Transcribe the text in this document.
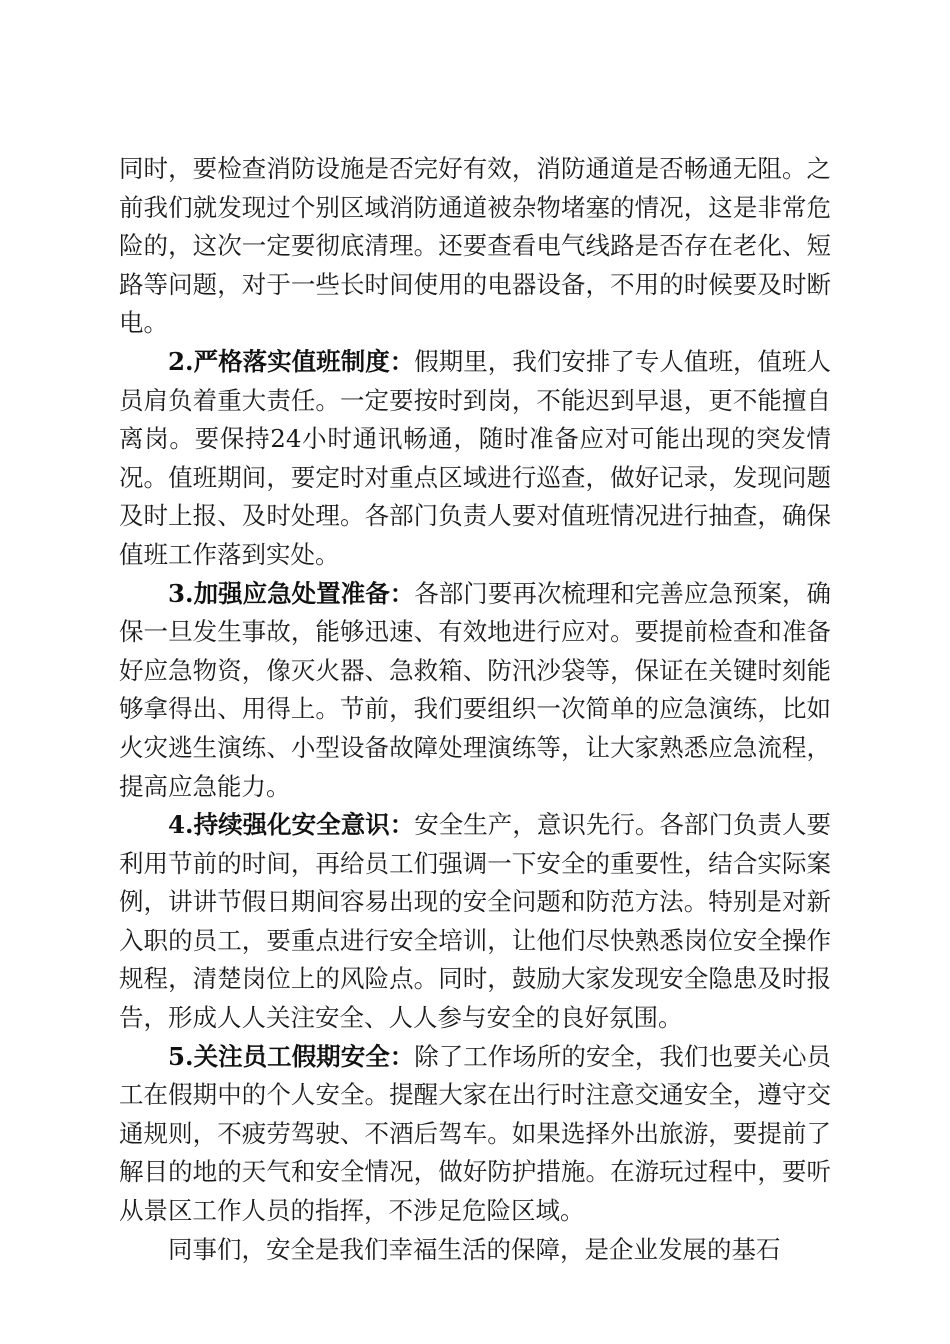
同时，要检查消防设施是否完好有效，消防通道是否畅通无阻。之前我们就发现过个别区域消防通道被杂物堵塞的情况，这是非常危险的，这次一定要彻底清理。还要查看电气线路是否存在老化、短路等问题，对于一些长时间使用的电器设备，不用的时候要及时断电。

2.严格落实值班制度：假期里，我们安排了专人值班，值班人员肩负着重大责任。一定要按时到岗，不能迟到早退，更不能擅自离岗。要保持24小时通讯畅通，随时准备应对可能出现的突发情况。值班期间，要定时对重点区域进行巡查，做好记录，发现问题及时上报、及时处理。各部门负责人要对值班情况进行抽查，确保值班工作落到实处。

3.加强应急处置准备：各部门要再次梳理和完善应急预案，确保一旦发生事故，能够迅速、有效地进行应对。要提前检查和准备好应急物资，像灭火器、急救箱、防汛沙袋等，保证在关键时刻能够拿得出、用得上。节前，我们要组织一次简单的应急演练，比如火灾逃生演练、小型设备故障处理演练等，让大家熟悉应急流程，提高应急能力。

4.持续强化安全意识：安全生产，意识先行。各部门负责人要利用节前的时间，再给员工们强调一下安全的重要性，结合实际案例，讲讲节假日期间容易出现的安全问题和防范方法。特别是对新入职的员工，要重点进行安全培训，让他们尽快熟悉岗位安全操作规程，清楚岗位上的风险点。同时，鼓励大家发现安全隐患及时报告，形成人人关注安全、人人参与安全的良好氛围。

5.关注员工假期安全：除了工作场所的安全，我们也要关心员工在假期中的个人安全。提醒大家在出行时注意交通安全，遵守交通规则，不疲劳驾驶、不酒后驾车。如果选择外出旅游，要提前了解目的地的天气和安全情况，做好防护措施。在游玩过程中，要听从景区工作人员的指挥，不涉足危险区域。

同事们，安全是我们幸福生活的保障，是企业发展的基石
